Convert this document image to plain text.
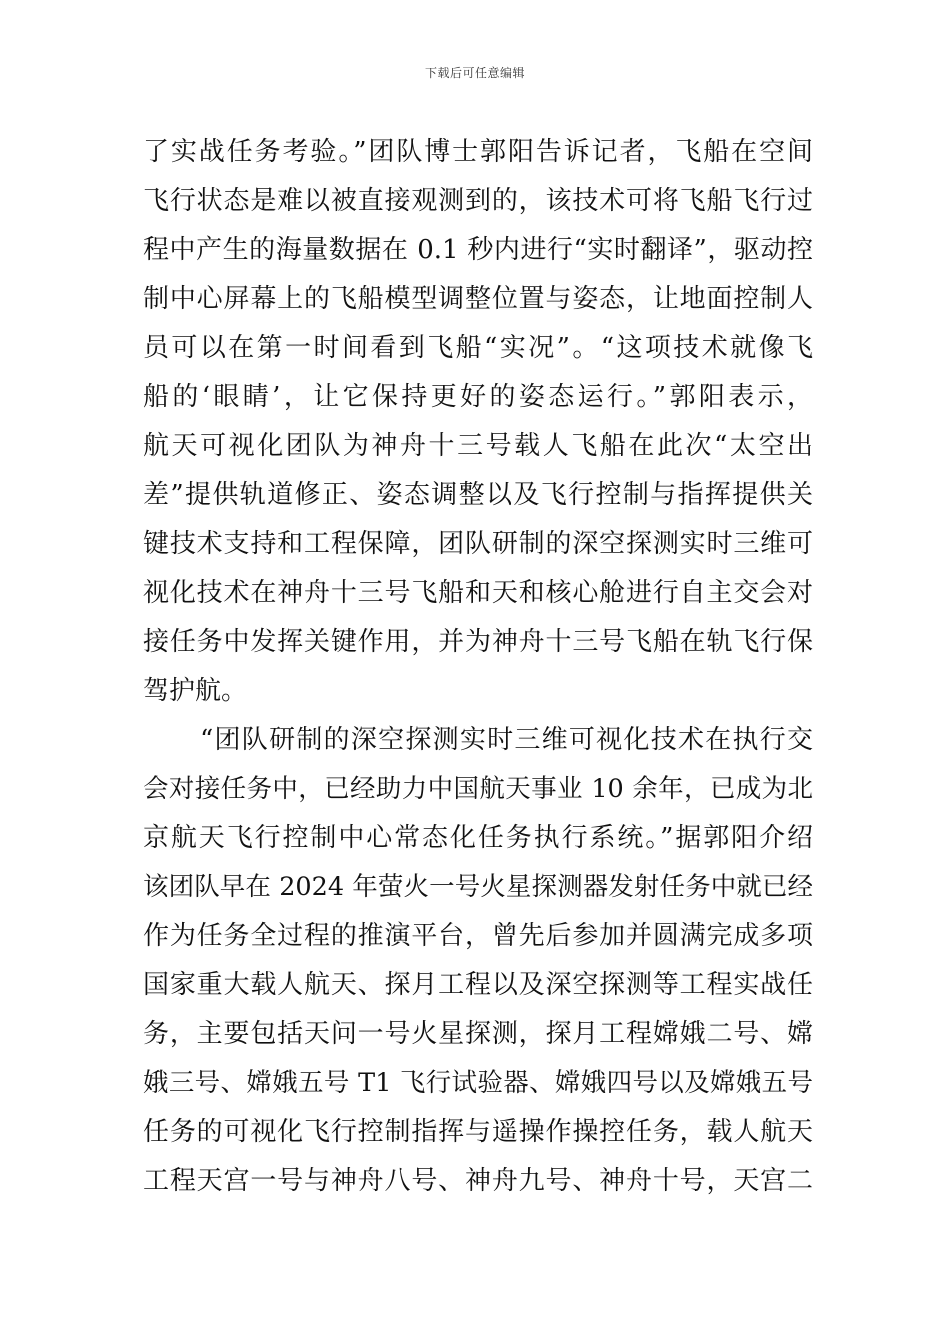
下载后可任意编辑
了实战任务考验。”团队博士郭阳告诉记者，飞船在空间
飞行状态是难以被直接观测到的，该技术可将飞船飞行过
程中产生的海量数据在 0.1 秒内进行“实时翻译”，驱动控
制中心屏幕上的飞船模型调整位置与姿态，让地面控制人
员可以在第一时间看到飞船“实况”。“这项技术就像飞
船的‘眼睛’，让它保持更好的姿态运行。”郭阳表示，
航天可视化团队为神舟十三号载人飞船在此次“太空出
差”提供轨道修正、姿态调整以及飞行控制与指挥提供关
键技术支持和工程保障，团队研制的深空探测实时三维可
视化技术在神舟十三号飞船和天和核心舱进行自主交会对
接任务中发挥关键作用，并为神舟十三号飞船在轨飞行保
驾护航。
“团队研制的深空探测实时三维可视化技术在执行交
会对接任务中，已经助力中国航天事业 10 余年，已成为北
京航天飞行控制中心常态化任务执行系统。”据郭阳介绍
该团队早在 2024 年萤火一号火星探测器发射任务中就已经
作为任务全过程的推演平台，曾先后参加并圆满完成多项
国家重大载人航天、探月工程以及深空探测等工程实战任
务，主要包括天问一号火星探测，探月工程嫦娥二号、嫦
娥三号、嫦娥五号 T1 飞行试验器、嫦娥四号以及嫦娥五号
任务的可视化飞行控制指挥与遥操作操控任务，载人航天
工程天宫一号与神舟八号、神舟九号、神舟十号，天宫二
